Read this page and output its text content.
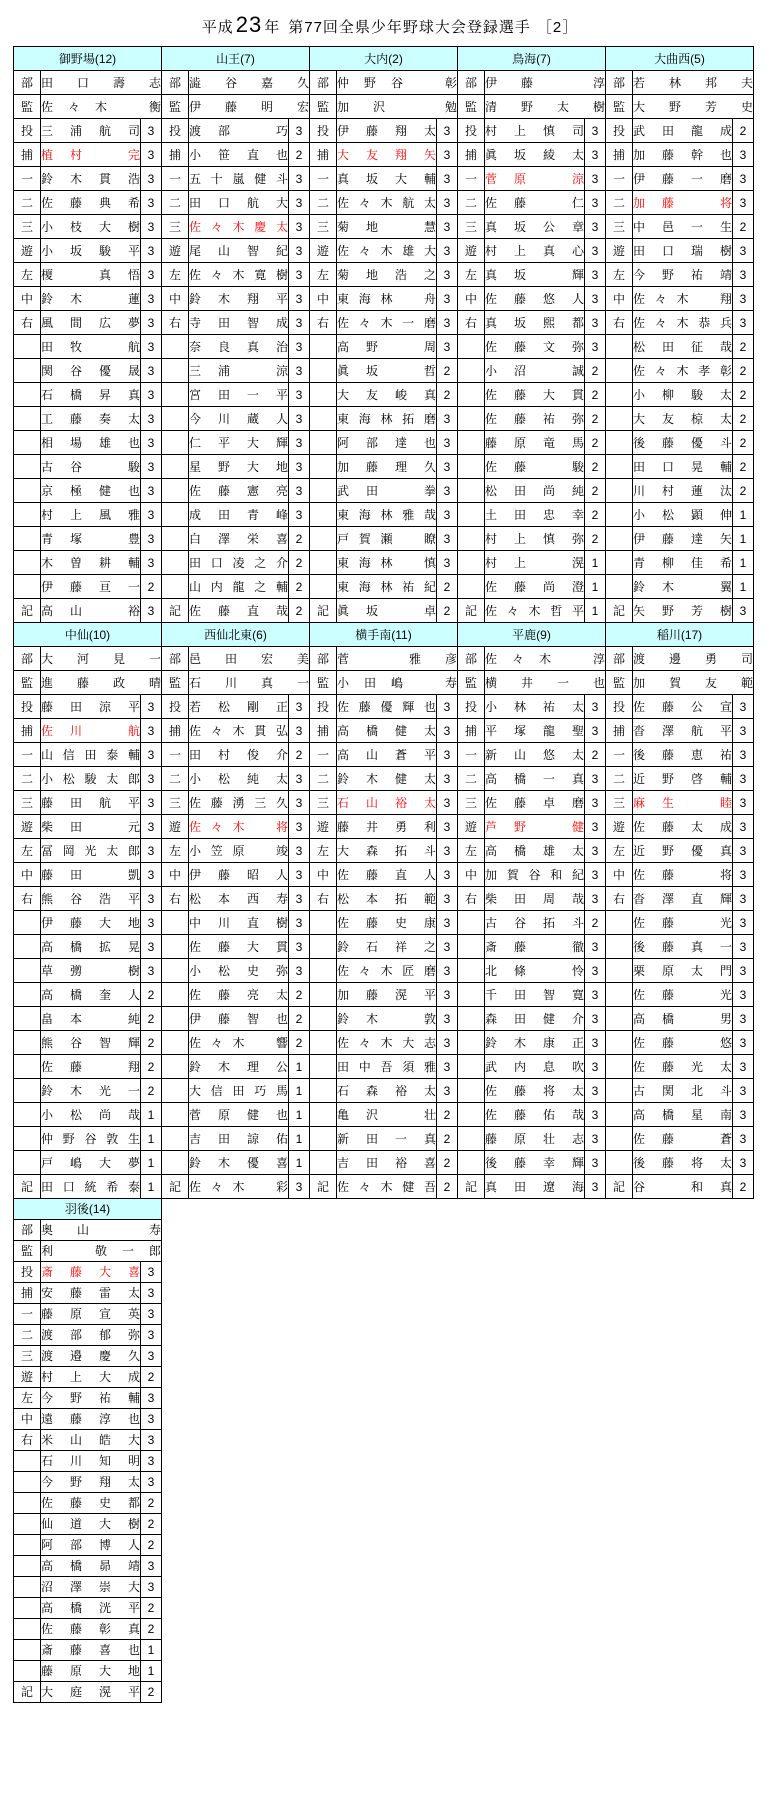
平成23 年 第77回全県少年野球大会登録選手 ［2］
御野場(12)			山王(7)			大内(2)			鳥海(7)			大曲西(5)		
部	田口壽志		部	澁谷嘉久		部	仲野谷　彰		部	伊藤　淳		部	若林邦夫	
監	佐々木　衡		監	伊藤明宏		監	加沢　勉		監	清野太樹		監	大野芳史	
投	三浦航司	3	投	渡部　巧	3	投	伊藤翔太	3	投	村上慎司	3	投	武田龍成	2
捕	植村　完	3	捕	小笹直也	2	捕	大友翔矢	3	捕	眞坂綾太	3	捕	加藤幹也	3
一	鈴木貫浩	3	一	五十嵐健斗	3	一	真坂大輔	3	一	菅原　涼	3	一	伊藤一磨	3
二	佐藤典希	3	二	田口航大	3	二	佐々木航太	3	二	佐藤　仁	3	二	加藤　将	3
三	小枝大樹	3	三	佐々木慶太	3	三	菊地　慧	3	三	真坂公章	3	三	中邑一生	2
遊	小坂駿平	3	遊	尾山智紀	3	遊	佐々木雄大	3	遊	村上真心	3	遊	田口瑞樹	3
左	榎　真悟	3	左	佐々木寛樹	3	左	菊地浩之	3	左	真坂　輝	3	左	今野祐靖	3
中	鈴木　蓮	3	中	鈴木翔平	3	中	東海林　舟	3	中	佐藤悠人	3	中	佐々木　翔	3
右	風間広夢	3	右	寺田智成	3	右	佐々木一磨	3	右	真坂熙都	3	右	佐々木恭兵	3
	田牧　航	3		奈良真治	3		高野　周	3		佐藤文弥	3		松田征哉	2
	関谷優晟	3		三浦　涼	3		眞坂　哲	2		小沼　誠	2		佐々木孝彰	2
	石橋昇真	3		宮田一平	3		大友峻真	2		佐藤大貫	2		小柳駿太	2
	工藤奏太	3		今川蔵人	3		東海林拓磨	3		佐藤祐弥	2		大友椋太	2
	相場雄也	3		仁平大輝	3		阿部達也	3		藤原竜馬	2		後藤優斗	2
	古谷　駿	3		星野大地	3		加藤理久	3		佐藤　駿	2		田口晃輔	2
	京極健也	3		佐藤憲亮	3		武田　拳	3		松田尚純	2		川村蓮汰	2
	村上風雅	3		成田青峰	3		東海林雅哉	3		土田忠幸	2		小松顕伸	1
	青塚　豊	3		白澤栄喜	2		戸賀瀬　瞭	3		村上慎弥	2		伊藤達矢	1
	木曽耕輔	3		田口凌之介	2		東海林　慎	3		村上　滉	1		青柳佳希	1
	伊藤亘一	2		山内龍之輔	2		東海林祐紀	2		佐藤尚澄	1		鈴木　翼	1
記	高山　裕	3	記	佐藤直哉	2	記	眞坂　卓	2	記	佐々木哲平	1	記	矢野芳樹	3
中仙(10)			西仙北東(6)			横手南(11)			平鹿(9)			稲川(17)		
部	大河見一		部	邑田宏美		部	菅　雅彦		部	佐々木　淳		部	渡邊勇司	
監	進藤政晴		監	石川真一		監	小田嶋　寿		監	横井一也		監	加賀友範	
投	藤田涼平	3	投	若松剛正	3	投	佐藤優輝也	3	投	小林祐太	3	投	佐藤公宣	3
捕	佐川　航	3	捕	佐々木貫弘	3	捕	高橋健太	3	捕	平塚龍聖	3	捕	沓澤航平	3
一	山信田泰輔	3	一	田村俊介	2	一	高山蒼平	3	一	新山悠太	2	一	後藤恵祐	3
二	小松駿太郎	3	二	小松純太	3	二	鈴木健太	3	二	高橋一真	3	二	近野啓輔	3
三	藤田航平	3	三	佐藤湧三久	3	三	石山裕太	3	三	佐藤卓磨	3	三	麻生　睦	3
遊	柴田　元	3	遊	佐々木　将	3	遊	藤井勇利	3	遊	芦野　健	3	遊	佐藤太成	3
左	冨岡光太郎	3	左	小笠原　竣	3	左	大森拓斗	3	左	高橋雄太	3	左	近野優真	3
中	藤田　凱	3	中	伊藤昭人	3	中	佐藤直人	3	中	加賀谷和紀	3	中	佐藤　将	3
右	熊谷浩平	3	右	松本西寿	3	右	松本拓範	3	右	柴田周哉	3	右	沓澤直輝	3
	伊藤大地	3		中川直樹	3		佐藤史康	3		古谷拓斗	2		佐藤　光	3
	高橋拡晃	3		佐藤大貫	3		鈴石祥之	3		斎藤　徹	3		後藤真一	3
	草彅　樹	3		小松史弥	3		佐々木匠磨	3		北條　怜	3		栗原太門	3
	高橋奎人	2		佐藤亮太	2		加藤滉平	3		千田智寛	3		佐藤　光	3
	畠本　純	2		伊藤智也	2		鈴木　敦	3		森田健介	3		高橋　男	3
	熊谷智輝	2		佐々木　響	2		佐々木大志	3		鈴木康正	3		佐藤　悠	3
	佐藤　翔	2		鈴木理公	1		田中吾須雅	3		武内息吹	3		佐藤光太	3
	鈴木光一	2		大信田巧馬	1		石森裕太	3		佐藤将太	3		古関北斗	3
	小松尚哉	1		菅原健也	1		亀沢　壮	2		佐藤佑哉	3		高橋星南	3
	仲野谷敦生	1		吉田諒佑	1		新田一真	2		藤原壮志	3		佐藤　蒼	3
	戸嶋大夢	1		鈴木優喜	1		吉田裕喜	2		後藤幸輝	3		後藤将太	3
記	田口統希泰	1	記	佐々木　彩	3	記	佐々木健吾	2	記	真田遼海	3	記	谷　和真	2
羽後(14)		
部	奥山　寿	
監	利　敬一郎	
投	斎藤大喜	3
捕	安藤雷太	3
一	藤原宣英	3
二	渡部郁弥	3
三	渡邉慶久	3
遊	村上大成	2
左	今野祐輔	3
中	遠藤淳也	3
右	米山皓大	3
	石川知明	3
	今野翔太	3
	佐藤史都	2
	仙道大樹	2
	阿部博人	2
	高橋昴靖	3
	沼澤崇大	3
	高橋洸平	2
	佐藤彰真	2
	斎藤喜也	1
	藤原大地	1
記	大庭滉平	2
